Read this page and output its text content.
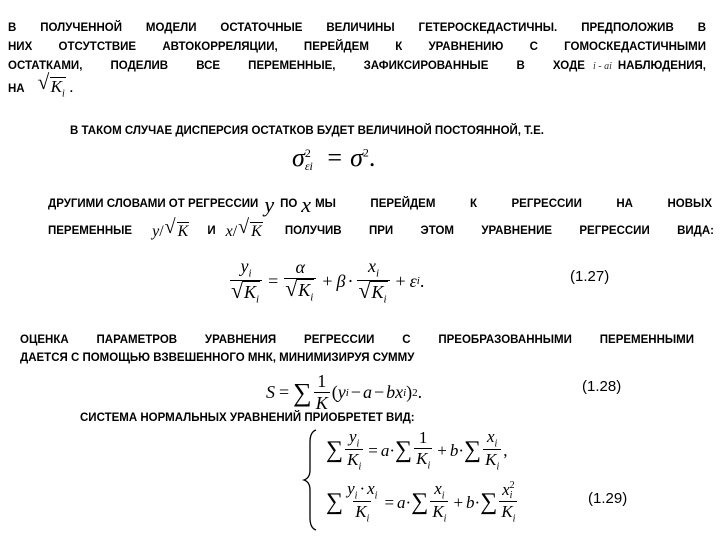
В ПОЛУЧЕННОЙ МОДЕЛИ ОСТАТОЧНЫЕ ВЕЛИЧИНЫ ГЕТЕРОСКЕДАСТИЧНЫ. ПРЕДПОЛОЖИВ В
НИХ ОТСУТСТВИЕ АВТОКОРРЕЛЯЦИИ, ПЕРЕЙДЕМ К УРАВНЕНИЮ С ГОМОСКЕДАСТИЧНЫМИ
ОСТАТКАМИ, ПОДЕЛИВ ВСЕ ПЕРЕМЕННЫЕ, ЗАФИКСИРОВАННЫЕ В ХОДЕ i - ai НАБЛЮДЕНИЯ,
НА	√ $K_i$ .
В ТАКОМ СЛУЧАЕ ДИСПЕРСИЯ ОСТАТКОВ БУДЕТ ВЕЛИЧИНОЙ ПОСТОЯННОЙ, Т.Е.
σ 2
$\varepsilon i = \sigma^2$.
ДРУГИМИ СЛОВАМИ ОТ РЕГРЕССИИ y ПО x МЫ ПЕРЕЙДЕМ К РЕГРЕССИИ НА НОВЫХ
ПЕРЕМЕННЫЕ y/ √ K И x/ √ K ПОЛУЧИВ ПРИ ЭТОМ УРАВНЕНИЕ РЕГРЕССИИ ВИДА:
$y_i$
√ $K_i = \alpha$
√ $K_i + \beta \cdot x_i$
√ $K_i + \varepsilon$ i .	(1.27)
ОЦЕНКА ПАРАМЕТРОВ УРАВНЕНИЯ РЕГРЕССИИ С ПРЕОБРАЗОВАННЫМИ ПЕРЕМЕННЫМИ
ДАЕТСЯ С ПОМОЩЬЮ ВЗВЕШЕННОГО МНК, МИНИМИЗИРУЯ СУММУ
S = ∑ $\frac{1}{K}$ ( y i − a − bx i ) 2 .	(1.28)
СИСТЕМА НОРМАЛЬНЫХ УРАВНЕНИЙ ПРИОБРЕТЕТ ВИД:
∑ $\frac{y_i}{K_i} = a$ · ∑ $\frac{1}{K_i} + b$ · ∑ $\frac{x_i}{K_i}$ ,
∑ $\frac{y_i \cdot x_i}{K_i} = a$ · ∑ $\frac{x_i}{K_i} + b$ · ∑ x 2
i
$K_i$	(1.29)
